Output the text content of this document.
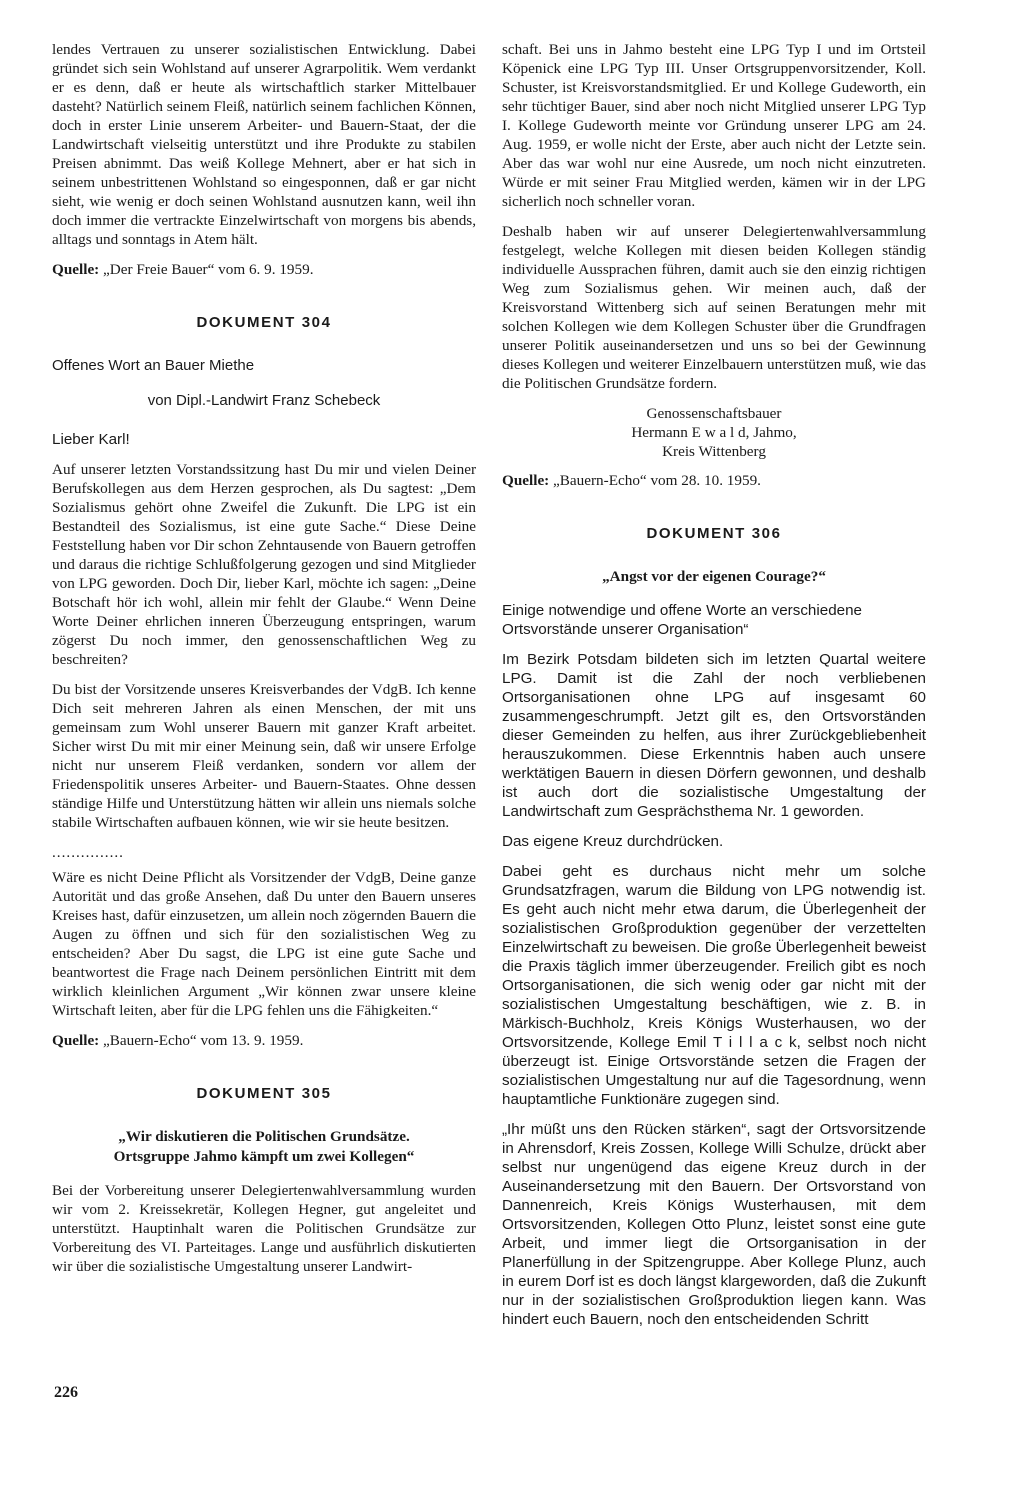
lendes Vertrauen zu unserer sozialistischen Entwicklung. Dabei gründet sich sein Wohlstand auf unserer Agrarpolitik. Wem verdankt er es denn, daß er heute als wirtschaftlich starker Mittelbauer dasteht? Natürlich seinem Fleiß, natürlich seinem fachlichen Können, doch in erster Linie unserem Arbeiter- und Bauern-Staat, der die Landwirtschaft vielseitig unterstützt und ihre Produkte zu stabilen Preisen abnimmt. Das weiß Kollege Mehnert, aber er hat sich in seinem unbestrittenen Wohlstand so eingesponnen, daß er gar nicht sieht, wie wenig er doch seinen Wohlstand ausnutzen kann, weil ihn doch immer die vertrackte Einzelwirtschaft von morgens bis abends, alltags und sonntags in Atem hält.

Quelle: „Der Freie Bauer“ vom 6. 9. 1959.

DOKUMENT 304
Offenes Wort an Bauer Miethe
von Dipl.-Landwirt Franz Schebeck

Lieber Karl!

Auf unserer letzten Vorstandssitzung hast Du mir und vielen Deiner Berufskollegen aus dem Herzen gesprochen, als Du sagtest: „Dem Sozialismus gehört ohne Zweifel die Zukunft. Die LPG ist ein Bestandteil des Sozialismus, ist eine gute Sache.“ Diese Deine Feststellung haben vor Dir schon Zehntausende von Bauern getroffen und daraus die richtige Schlußfolgerung gezogen und sind Mitglieder von LPG geworden. Doch Dir, lieber Karl, möchte ich sagen: „Deine Botschaft hör ich wohl, allein mir fehlt der Glaube.“ Wenn Deine Worte Deiner ehrlichen inneren Überzeugung entspringen, warum zögerst Du noch immer, den genossenschaftlichen Weg zu beschreiten?

Du bist der Vorsitzende unseres Kreisverbandes der VdgB. Ich kenne Dich seit mehreren Jahren als einen Menschen, der mit uns gemeinsam zum Wohl unserer Bauern mit ganzer Kraft arbeitet. Sicher wirst Du mit mir einer Meinung sein, daß wir unsere Erfolge nicht nur unserem Fleiß verdanken, sondern vor allem der Friedenspolitik unseres Arbeiter- und Bauern-Staates. Ohne dessen ständige Hilfe und Unterstützung hätten wir allein uns niemals solche stabile Wirtschaften aufbauen können, wie wir sie heute besitzen.

...............

Wäre es nicht Deine Pflicht als Vorsitzender der VdgB, Deine ganze Autorität und das große Ansehen, daß Du unter den Bauern unseres Kreises hast, dafür einzusetzen, um allein noch zögernden Bauern die Augen zu öffnen und sich für den sozialistischen Weg zu entscheiden? Aber Du sagst, die LPG ist eine gute Sache und beantwortest die Frage nach Deinem persönlichen Eintritt mit dem wirklich kleinlichen Argument „Wir können zwar unsere kleine Wirtschaft leiten, aber für die LPG fehlen uns die Fähigkeiten.“

Quelle: „Bauern-Echo“ vom 13. 9. 1959.

DOKUMENT 305
„Wir diskutieren die Politischen Grundsätze.
Ortsgruppe Jahmo kämpft um zwei Kollegen“

Bei der Vorbereitung unserer Delegiertenwahlversammlung wurden wir vom 2. Kreissekretär, Kollegen Hegner, gut angeleitet und unterstützt. Hauptinhalt waren die Politischen Grundsätze zur Vorbereitung des VI. Parteitages. Lange und ausführlich diskutierten wir über die sozialistische Umgestaltung unserer Landwirt-

schaft. Bei uns in Jahmo besteht eine LPG Typ I und im Ortsteil Köpenick eine LPG Typ III. Unser Ortsgruppenvorsitzender, Koll. Schuster, ist Kreisvorstandsmitglied. Er und Kollege Gudeworth, ein sehr tüchtiger Bauer, sind aber noch nicht Mitglied unserer LPG Typ I. Kollege Gudeworth meinte vor Gründung unserer LPG am 24. Aug. 1959, er wolle nicht der Erste, aber auch nicht der Letzte sein. Aber das war wohl nur eine Ausrede, um noch nicht einzutreten. Würde er mit seiner Frau Mitglied werden, kämen wir in der LPG sicherlich noch schneller voran.

Deshalb haben wir auf unserer Delegiertenwahlversammlung festgelegt, welche Kollegen mit diesen beiden Kollegen ständig individuelle Aussprachen führen, damit auch sie den einzig richtigen Weg zum Sozialismus gehen. Wir meinen auch, daß der Kreisvorstand Wittenberg sich auf seinen Beratungen mehr mit solchen Kollegen wie dem Kollegen Schuster über die Grundfragen unserer Politik auseinandersetzen und uns so bei der Gewinnung dieses Kollegen und weiterer Einzelbauern unterstützen muß, wie das die Politischen Grundsätze fordern.

Genossenschaftsbauer

Hermann E w a l d, Jahmo,

Kreis Wittenberg

Quelle: „Bauern-Echo“ vom 28. 10. 1959.

DOKUMENT 306
„Angst vor der eigenen Courage?“

Einige notwendige und offene Worte an verschiedene Ortsvorstände unserer Organisation“

Im Bezirk Potsdam bildeten sich im letzten Quartal weitere LPG. Damit ist die Zahl der noch verbliebenen Ortsorganisationen ohne LPG auf insgesamt 60 zusammengeschrumpft. Jetzt gilt es, den Ortsvorständen dieser Gemeinden zu helfen, aus ihrer Zurückgebliebenheit herauszukommen. Diese Erkenntnis haben auch unsere werktätigen Bauern in diesen Dörfern gewonnen, und deshalb ist auch dort die sozialistische Umgestaltung der Landwirtschaft zum Gesprächsthema Nr. 1 geworden.

Das eigene Kreuz durchdrücken.

Dabei geht es durchaus nicht mehr um solche Grundsatzfragen, warum die Bildung von LPG notwendig ist. Es geht auch nicht mehr etwa darum, die Überlegenheit der sozialistischen Großproduktion gegenüber der verzettelten Einzelwirtschaft zu beweisen. Die große Überlegenheit beweist die Praxis täglich immer überzeugender. Freilich gibt es noch Ortsorganisationen, die sich wenig oder gar nicht mit der sozialistischen Umgestaltung beschäftigen, wie z. B. in Märkisch-Buchholz, Kreis Königs Wusterhausen, wo der Ortsvorsitzende, Kollege Emil T i l l a c k, selbst noch nicht überzeugt ist. Einige Ortsvorstände setzen die Fragen der sozialistischen Umgestaltung nur auf die Tagesordnung, wenn hauptamtliche Funktionäre zugegen sind.

„Ihr müßt uns den Rücken stärken“, sagt der Ortsvorsitzende in Ahrensdorf, Kreis Zossen, Kollege Willi Schulze, drückt aber selbst nur ungenügend das eigene Kreuz durch in der Auseinandersetzung mit den Bauern. Der Ortsvorstand von Dannenreich, Kreis Königs Wusterhausen, mit dem Ortsvorsitzenden, Kollegen Otto Plunz, leistet sonst eine gute Arbeit, und immer liegt die Ortsorganisation in der Planerfüllung in der Spitzengruppe. Aber Kollege Plunz, auch in eurem Dorf ist es doch längst klargeworden, daß die Zukunft nur in der sozialistischen Großproduktion liegen kann. Was hindert euch Bauern, noch den entscheidenden Schritt

226
